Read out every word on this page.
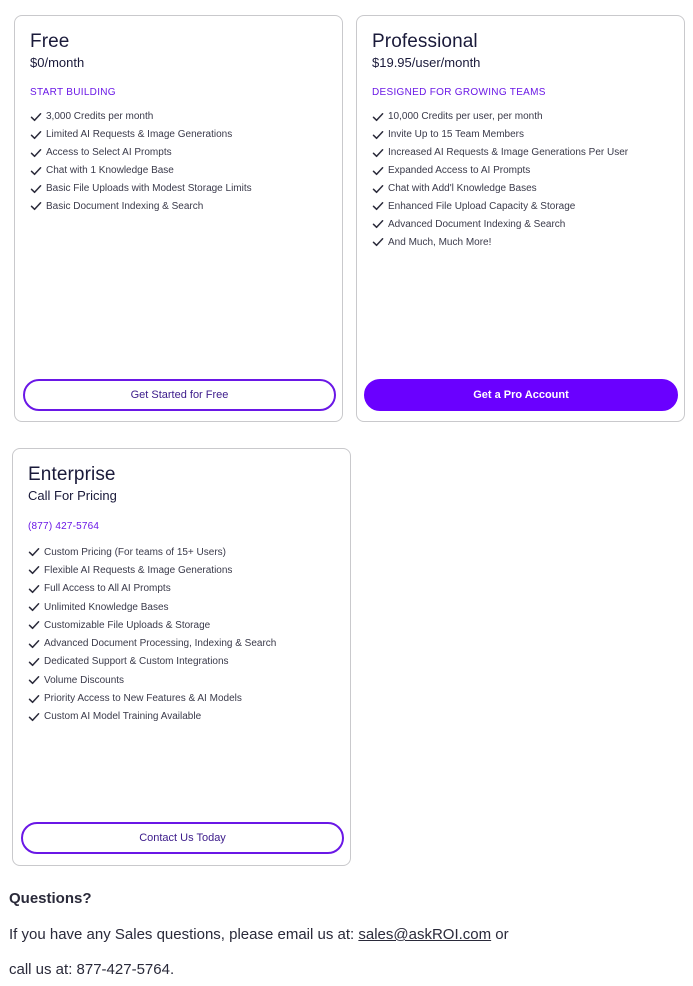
Free
$0/month
START BUILDING
3,000 Credits per month
Limited AI Requests & Image Generations
Access to Select AI Prompts
Chat with 1 Knowledge Base
Basic File Uploads with Modest Storage Limits
Basic Document Indexing & Search
Get Started for Free
Professional
$19.95/user/month
DESIGNED FOR GROWING TEAMS
10,000 Credits per user, per month
Invite Up to 15 Team Members
Increased AI Requests & Image Generations Per User
Expanded Access to AI Prompts
Chat with Add'l Knowledge Bases
Enhanced File Upload Capacity & Storage
Advanced Document Indexing & Search
And Much, Much More!
Get a Pro Account
Enterprise
Call For Pricing
(877) 427-5764
Custom Pricing (For teams of 15+ Users)
Flexible AI Requests & Image Generations
Full Access to All AI Prompts
Unlimited Knowledge Bases
Customizable File Uploads & Storage
Advanced Document Processing, Indexing & Search
Dedicated Support & Custom Integrations
Volume Discounts
Priority Access to New Features & AI Models
Custom AI Model Training Available
Contact Us Today
Questions?
If you have any Sales questions, please email us at: sales@askROI.com or
call us at: 877-427-5764.
